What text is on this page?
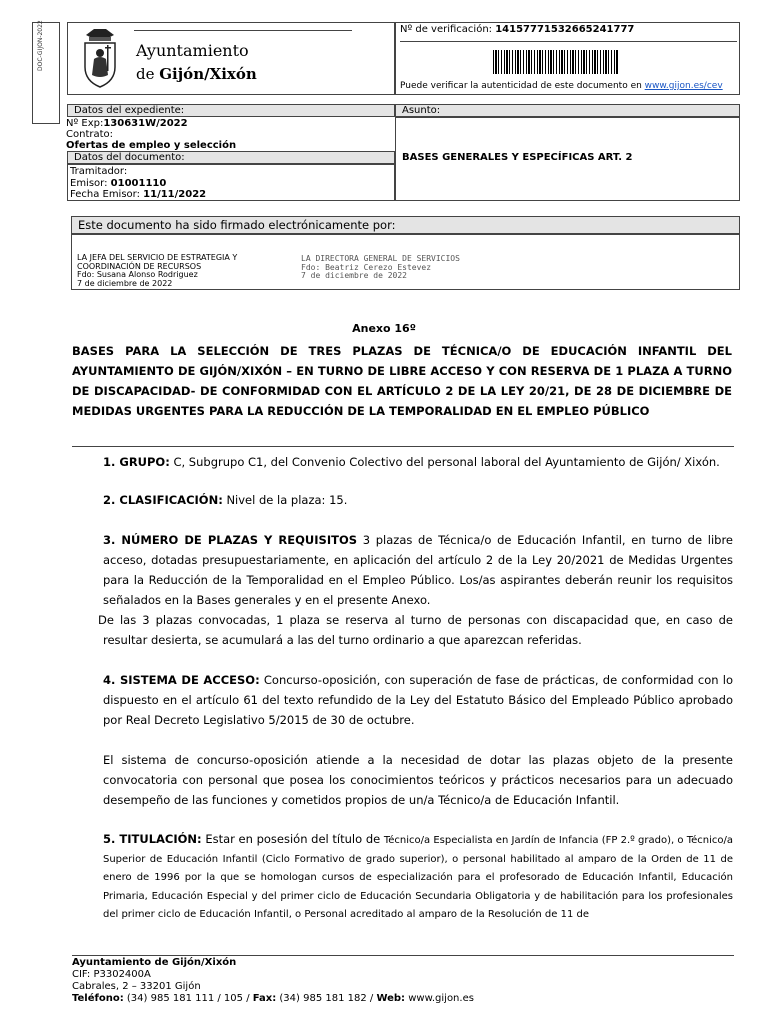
DOC-GIJON-2022	Ayuntamiento
de Gijón/Xixón
Nº de verificación: 14157771532665241777
Puede verificar la autenticidad de este documento en www.gijon.es/cev
Datos del expediente:	Asunto:
BASES GENERALES Y ESPECÍFICAS ART. 2
Nº Exp:130631W/2022
Contrato:
Ofertas de empleo y selección
Datos del documento:
Tramitador:
Emisor: 01001110
Fecha Emisor: 11/11/2022
Este documento ha sido firmado electrónicamente por:
LA JEFA DEL SERVICIO DE ESTRATEGIA Y
COORDINACIÓN DE RECURSOS
Fdo: Susana Alonso Rodriguez
7 de diciembre de 2022
LA DIRECTORA GENERAL DE SERVICIOS
Fdo: Beatriz Cerezo Estevez
7 de diciembre de 2022
Anexo 16º
BASES PARA LA SELECCIÓN DE TRES PLAZAS DE TÉCNICA/O DE EDUCACIÓN INFANTIL DEL AYUNTAMIENTO DE GIJÓN/XIXÓN – EN TURNO DE LIBRE ACCESO Y CON RESERVA DE 1 PLAZA A TURNO DE DISCAPACIDAD- DE CONFORMIDAD CON EL ARTÍCULO 2 DE LA LEY 20/21, DE 28 DE DICIEMBRE DE MEDIDAS URGENTES PARA LA REDUCCIÓN DE LA TEMPORALIDAD EN EL EMPLEO PÚBLICO
1. GRUPO: C, Subgrupo C1, del Convenio Colectivo del personal laboral del Ayuntamiento de Gijón/ Xixón.
2. CLASIFICACIÓN: Nivel de la plaza: 15.
3. NÚMERO DE PLAZAS Y REQUISITOS 3 plazas de Técnica/o de Educación Infantil, en turno de libre acceso, dotadas presupuestariamente, en aplicación del artículo 2 de la Ley 20/2021 de Medidas Urgentes para la Reducción de la Temporalidad en el Empleo Público. Los/as aspirantes deberán reunir los requisitos señalados en la Bases generales y en el presente Anexo.
De las 3 plazas convocadas, 1 plaza se reserva al turno de personas con discapacidad que, en caso de resultar desierta, se acumulará a las del turno ordinario a que aparezcan referidas.
4. SISTEMA DE ACCESO: Concurso-oposición, con superación de fase de prácticas, de conformidad con lo dispuesto en el artículo 61 del texto refundido de la Ley del Estatuto Básico del Empleado Público aprobado por Real Decreto Legislativo 5/2015 de 30 de octubre.
El sistema de concurso-oposición atiende a la necesidad de dotar las plazas objeto de la presente convocatoria con personal que posea los conocimientos teóricos y prácticos necesarios para un adecuado desempeño de las funciones y cometidos propios de un/a Técnico/a de Educación Infantil.
5. TITULACIÓN: Estar en posesión del título de Técnico/a Especialista en Jardín de Infancia (FP 2.º grado), o Técnico/a Superior de Educación Infantil (Ciclo Formativo de grado superior), o personal habilitado al amparo de la Orden de 11 de enero de 1996 por la que se homologan cursos de especialización para el profesorado de Educación Infantil, Educación Primaria, Educación Especial y del primer ciclo de Educación Secundaria Obligatoria y de habilitación para los profesionales del primer ciclo de Educación Infantil, o Personal acreditado al amparo de la Resolución de 11 de
Ayuntamiento de Gijón/Xixón
CIF: P3302400A
Cabrales, 2 – 33201 Gijón
Teléfono: (34) 985 181 111 / 105 / Fax: (34) 985 181 182 / Web: www.gijon.es
